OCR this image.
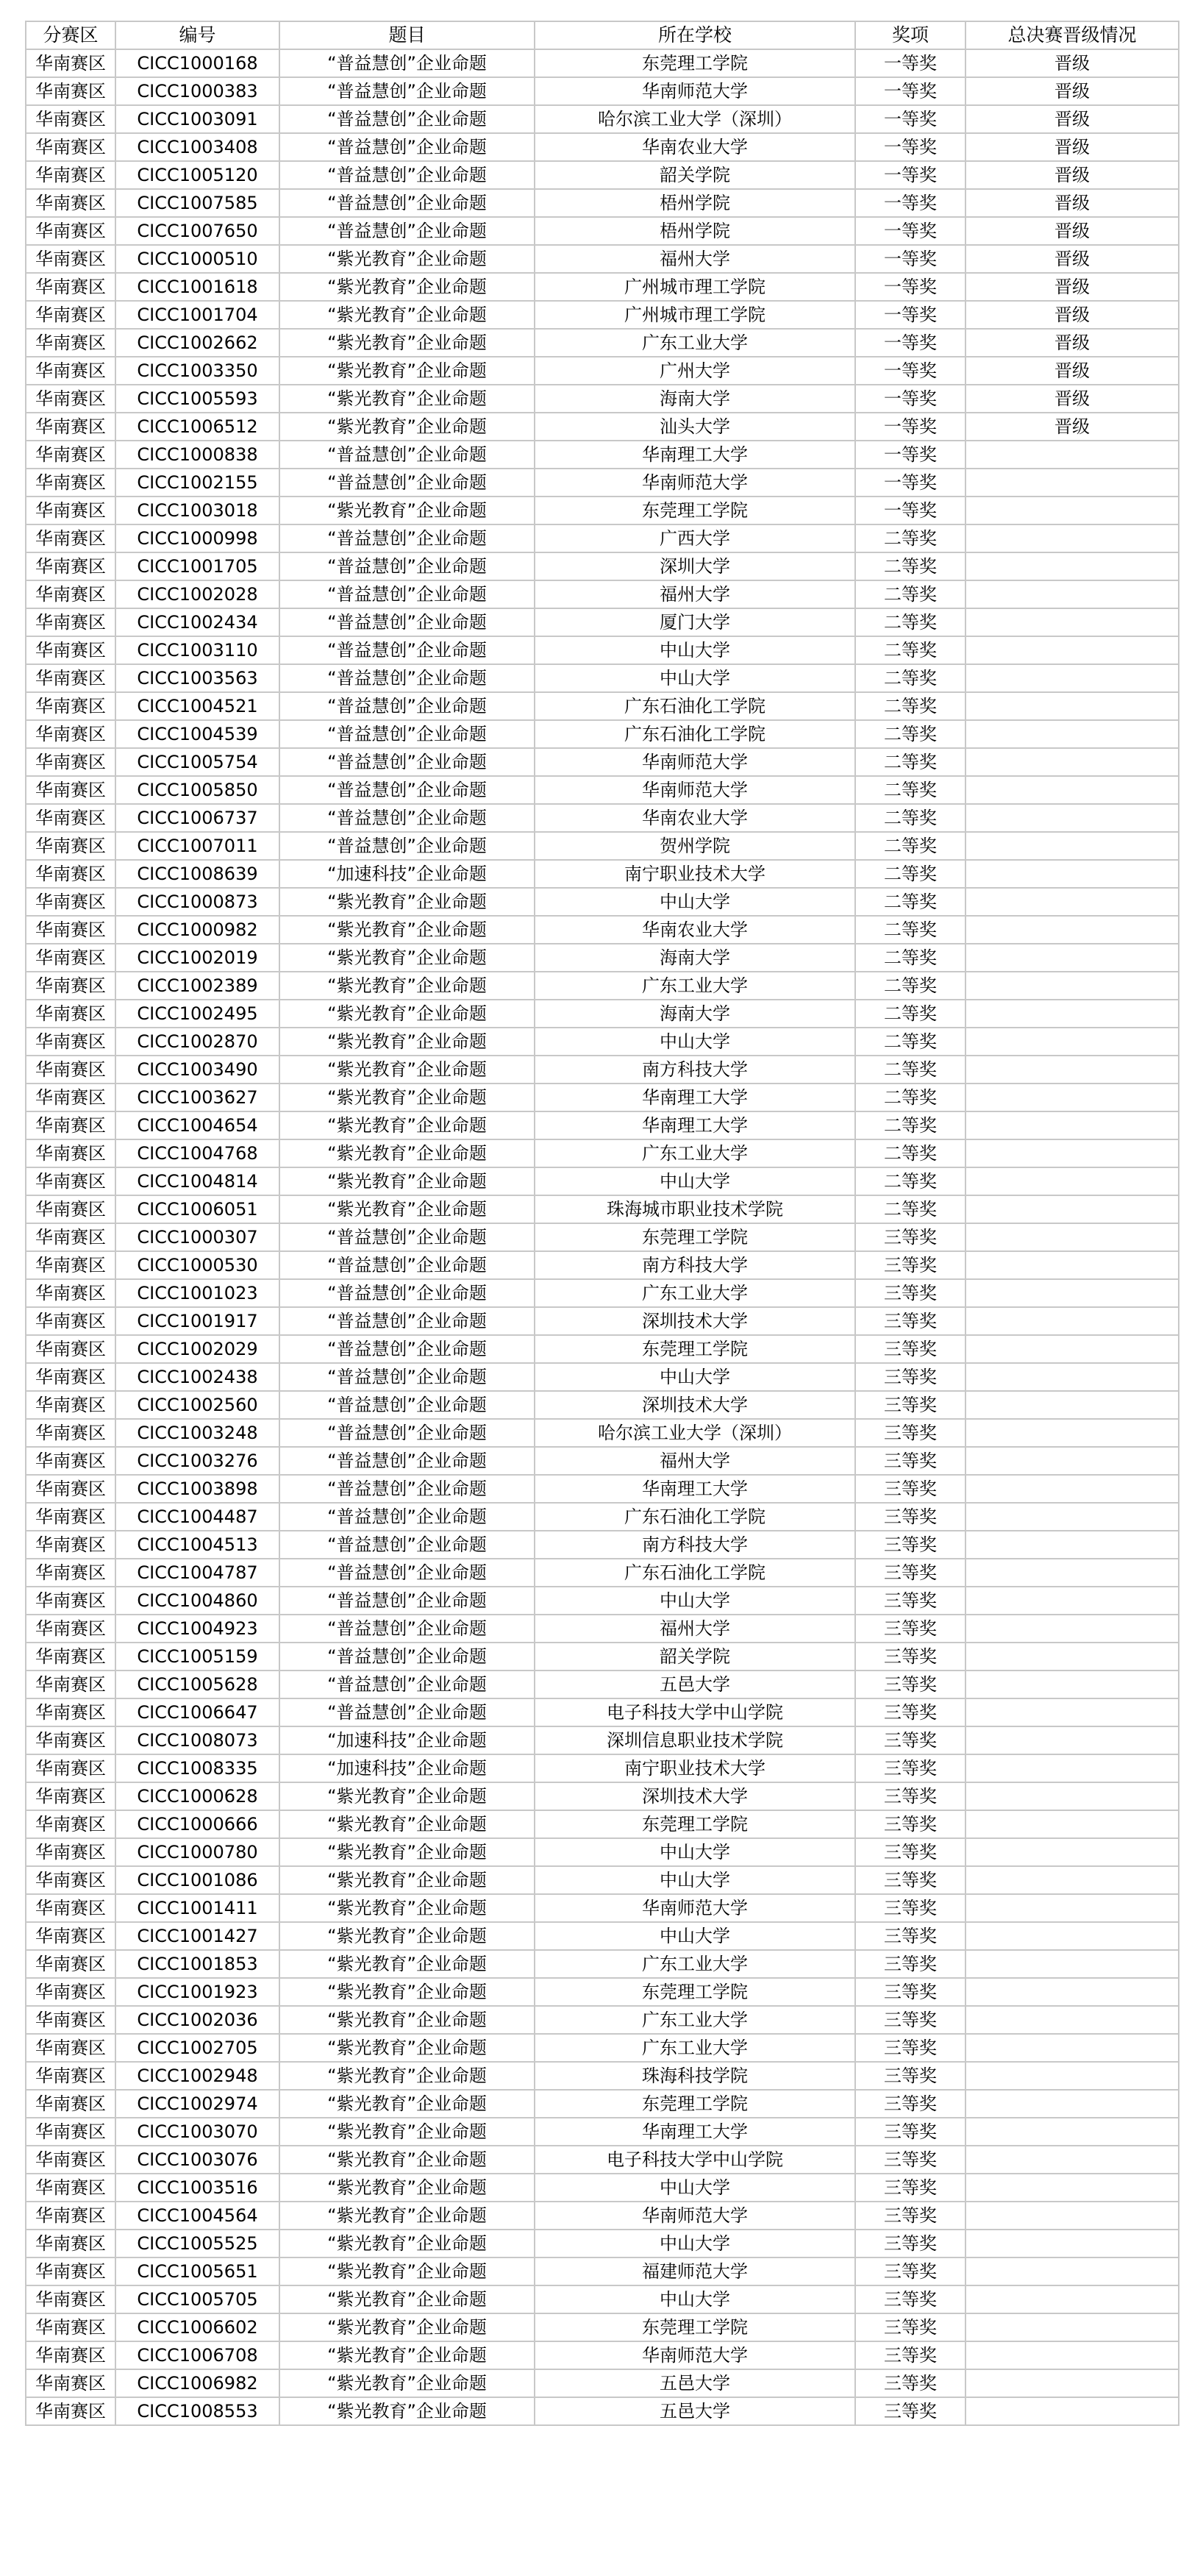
分赛区	编号	题目	所在学校	奖项	总决赛晋级情况
华南赛区	CICC1000168	“普益慧创”企业命题	东莞理工学院	一等奖	晋级
华南赛区	CICC1000383	“普益慧创”企业命题	华南师范大学	一等奖	晋级
华南赛区	CICC1003091	“普益慧创”企业命题	哈尔滨工业大学（深圳）	一等奖	晋级
华南赛区	CICC1003408	“普益慧创”企业命题	华南农业大学	一等奖	晋级
华南赛区	CICC1005120	“普益慧创”企业命题	韶关学院	一等奖	晋级
华南赛区	CICC1007585	“普益慧创”企业命题	梧州学院	一等奖	晋级
华南赛区	CICC1007650	“普益慧创”企业命题	梧州学院	一等奖	晋级
华南赛区	CICC1000510	“紫光教育”企业命题	福州大学	一等奖	晋级
华南赛区	CICC1001618	“紫光教育”企业命题	广州城市理工学院	一等奖	晋级
华南赛区	CICC1001704	“紫光教育”企业命题	广州城市理工学院	一等奖	晋级
华南赛区	CICC1002662	“紫光教育”企业命题	广东工业大学	一等奖	晋级
华南赛区	CICC1003350	“紫光教育”企业命题	广州大学	一等奖	晋级
华南赛区	CICC1005593	“紫光教育”企业命题	海南大学	一等奖	晋级
华南赛区	CICC1006512	“紫光教育”企业命题	汕头大学	一等奖	晋级
华南赛区	CICC1000838	“普益慧创”企业命题	华南理工大学	一等奖	
华南赛区	CICC1002155	“普益慧创”企业命题	华南师范大学	一等奖	
华南赛区	CICC1003018	“紫光教育”企业命题	东莞理工学院	一等奖	
华南赛区	CICC1000998	“普益慧创”企业命题	广西大学	二等奖	
华南赛区	CICC1001705	“普益慧创”企业命题	深圳大学	二等奖	
华南赛区	CICC1002028	“普益慧创”企业命题	福州大学	二等奖	
华南赛区	CICC1002434	“普益慧创”企业命题	厦门大学	二等奖	
华南赛区	CICC1003110	“普益慧创”企业命题	中山大学	二等奖	
华南赛区	CICC1003563	“普益慧创”企业命题	中山大学	二等奖	
华南赛区	CICC1004521	“普益慧创”企业命题	广东石油化工学院	二等奖	
华南赛区	CICC1004539	“普益慧创”企业命题	广东石油化工学院	二等奖	
华南赛区	CICC1005754	“普益慧创”企业命题	华南师范大学	二等奖	
华南赛区	CICC1005850	“普益慧创”企业命题	华南师范大学	二等奖	
华南赛区	CICC1006737	“普益慧创”企业命题	华南农业大学	二等奖	
华南赛区	CICC1007011	“普益慧创”企业命题	贺州学院	二等奖	
华南赛区	CICC1008639	“加速科技”企业命题	南宁职业技术大学	二等奖	
华南赛区	CICC1000873	“紫光教育”企业命题	中山大学	二等奖	
华南赛区	CICC1000982	“紫光教育”企业命题	华南农业大学	二等奖	
华南赛区	CICC1002019	“紫光教育”企业命题	海南大学	二等奖	
华南赛区	CICC1002389	“紫光教育”企业命题	广东工业大学	二等奖	
华南赛区	CICC1002495	“紫光教育”企业命题	海南大学	二等奖	
华南赛区	CICC1002870	“紫光教育”企业命题	中山大学	二等奖	
华南赛区	CICC1003490	“紫光教育”企业命题	南方科技大学	二等奖	
华南赛区	CICC1003627	“紫光教育”企业命题	华南理工大学	二等奖	
华南赛区	CICC1004654	“紫光教育”企业命题	华南理工大学	二等奖	
华南赛区	CICC1004768	“紫光教育”企业命题	广东工业大学	二等奖	
华南赛区	CICC1004814	“紫光教育”企业命题	中山大学	二等奖	
华南赛区	CICC1006051	“紫光教育”企业命题	珠海城市职业技术学院	二等奖	
华南赛区	CICC1000307	“普益慧创”企业命题	东莞理工学院	三等奖	
华南赛区	CICC1000530	“普益慧创”企业命题	南方科技大学	三等奖	
华南赛区	CICC1001023	“普益慧创”企业命题	广东工业大学	三等奖	
华南赛区	CICC1001917	“普益慧创”企业命题	深圳技术大学	三等奖	
华南赛区	CICC1002029	“普益慧创”企业命题	东莞理工学院	三等奖	
华南赛区	CICC1002438	“普益慧创”企业命题	中山大学	三等奖	
华南赛区	CICC1002560	“普益慧创”企业命题	深圳技术大学	三等奖	
华南赛区	CICC1003248	“普益慧创”企业命题	哈尔滨工业大学（深圳）	三等奖	
华南赛区	CICC1003276	“普益慧创”企业命题	福州大学	三等奖	
华南赛区	CICC1003898	“普益慧创”企业命题	华南理工大学	三等奖	
华南赛区	CICC1004487	“普益慧创”企业命题	广东石油化工学院	三等奖	
华南赛区	CICC1004513	“普益慧创”企业命题	南方科技大学	三等奖	
华南赛区	CICC1004787	“普益慧创”企业命题	广东石油化工学院	三等奖	
华南赛区	CICC1004860	“普益慧创”企业命题	中山大学	三等奖	
华南赛区	CICC1004923	“普益慧创”企业命题	福州大学	三等奖	
华南赛区	CICC1005159	“普益慧创”企业命题	韶关学院	三等奖	
华南赛区	CICC1005628	“普益慧创”企业命题	五邑大学	三等奖	
华南赛区	CICC1006647	“普益慧创”企业命题	电子科技大学中山学院	三等奖	
华南赛区	CICC1008073	“加速科技”企业命题	深圳信息职业技术学院	三等奖	
华南赛区	CICC1008335	“加速科技”企业命题	南宁职业技术大学	三等奖	
华南赛区	CICC1000628	“紫光教育”企业命题	深圳技术大学	三等奖	
华南赛区	CICC1000666	“紫光教育”企业命题	东莞理工学院	三等奖	
华南赛区	CICC1000780	“紫光教育”企业命题	中山大学	三等奖	
华南赛区	CICC1001086	“紫光教育”企业命题	中山大学	三等奖	
华南赛区	CICC1001411	“紫光教育”企业命题	华南师范大学	三等奖	
华南赛区	CICC1001427	“紫光教育”企业命题	中山大学	三等奖	
华南赛区	CICC1001853	“紫光教育”企业命题	广东工业大学	三等奖	
华南赛区	CICC1001923	“紫光教育”企业命题	东莞理工学院	三等奖	
华南赛区	CICC1002036	“紫光教育”企业命题	广东工业大学	三等奖	
华南赛区	CICC1002705	“紫光教育”企业命题	广东工业大学	三等奖	
华南赛区	CICC1002948	“紫光教育”企业命题	珠海科技学院	三等奖	
华南赛区	CICC1002974	“紫光教育”企业命题	东莞理工学院	三等奖	
华南赛区	CICC1003070	“紫光教育”企业命题	华南理工大学	三等奖	
华南赛区	CICC1003076	“紫光教育”企业命题	电子科技大学中山学院	三等奖	
华南赛区	CICC1003516	“紫光教育”企业命题	中山大学	三等奖	
华南赛区	CICC1004564	“紫光教育”企业命题	华南师范大学	三等奖	
华南赛区	CICC1005525	“紫光教育”企业命题	中山大学	三等奖	
华南赛区	CICC1005651	“紫光教育”企业命题	福建师范大学	三等奖	
华南赛区	CICC1005705	“紫光教育”企业命题	中山大学	三等奖	
华南赛区	CICC1006602	“紫光教育”企业命题	东莞理工学院	三等奖	
华南赛区	CICC1006708	“紫光教育”企业命题	华南师范大学	三等奖	
华南赛区	CICC1006982	“紫光教育”企业命题	五邑大学	三等奖	
华南赛区	CICC1008553	“紫光教育”企业命题	五邑大学	三等奖	
